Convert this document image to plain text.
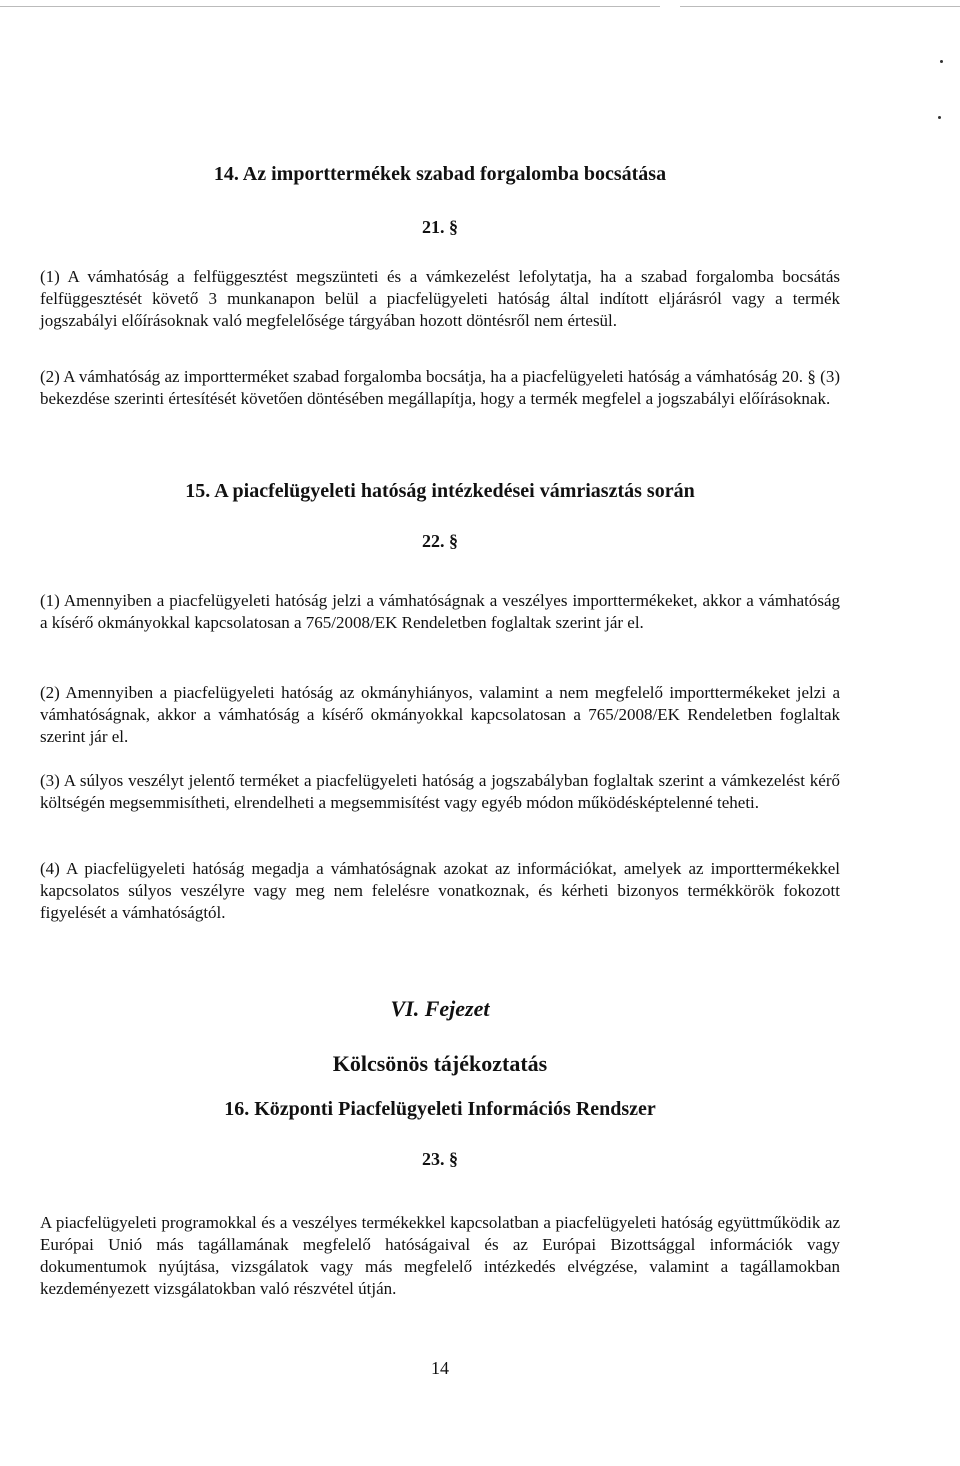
14. Az importtermékek szabad forgalomba bocsátása
21. §

(1) A vámhatóság a felfüggesztést megszünteti és a vámkezelést lefolytatja, ha a szabad forgalomba bocsátás felfüggesztését követő 3 munkanapon belül a piacfelügyeleti hatóság által indított eljárásról vagy a termék jogszabályi előírásoknak való megfelelősége tárgyában hozott döntésről nem értesül.

(2) A vámhatóság az importterméket szabad forgalomba bocsátja, ha a piacfelügyeleti hatóság a vámhatóság 20. § (3) bekezdése szerinti értesítését követően döntésében megállapítja, hogy a termék megfelel a jogszabályi előírásoknak.

15. A piacfelügyeleti hatóság intézkedései vámriasztás során
22. §

(1) Amennyiben a piacfelügyeleti hatóság jelzi a vámhatóságnak a veszélyes importtermékeket, akkor a vámhatóság a kísérő okmányokkal kapcsolatosan a 765/2008/EK Rendeletben foglaltak szerint jár el.

(2) Amennyiben a piacfelügyeleti hatóság az okmányhiányos, valamint a nem megfelelő importtermékeket jelzi a vámhatóságnak, akkor a vámhatóság a kísérő okmányokkal kapcsolatosan a 765/2008/EK Rendeletben foglaltak szerint jár el.

(3) A súlyos veszélyt jelentő terméket a piacfelügyeleti hatóság a jogszabályban foglaltak szerint a vámkezelést kérő költségén megsemmisítheti, elrendelheti a megsemmisítést vagy egyéb módon működésképtelenné teheti.

(4) A piacfelügyeleti hatóság megadja a vámhatóságnak azokat az információkat, amelyek az importtermékekkel kapcsolatos súlyos veszélyre vagy meg nem felelésre vonatkoznak, és kérheti bizonyos termékkörök fokozott figyelését a vámhatóságtól.

VI. Fejezet
Kölcsönös tájékoztatás
16. Központi Piacfelügyeleti Információs Rendszer
23. §

A piacfelügyeleti programokkal és a veszélyes termékekkel kapcsolatban a piacfelügyeleti hatóság együttműködik az Európai Unió más tagállamának megfelelő hatóságaival és az Európai Bizottsággal információk vagy dokumentumok nyújtása, vizsgálatok vagy más megfelelő intézkedés elvégzése, valamint a tagállamokban kezdeményezett vizsgálatokban való részvétel útján.

14
